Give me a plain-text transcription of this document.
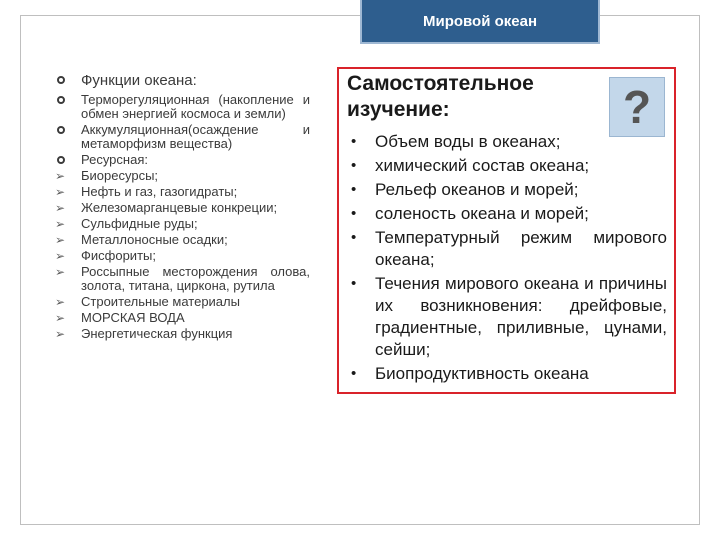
Мировой океан
Функции океана:
Терморегуляционная (накопление и обмен энергией космоса и земли)
Аккумуляционная(осаждение и метаморфизм вещества)
Ресурсная:
➢	Биоресурсы;
➢	Нефть и газ, газогидраты;
➢	Железомарганцевые конкреции;
➢	Сульфидные руды;
➢	Металлоносные осадки;
➢	Фисфориты;
➢	Россыпные месторождения олова, золота, титана, циркона, рутила
➢	Строительные материалы
➢	МОРСКАЯ ВОДА
➢	Энергетическая функция
Самостоятельное изучение:	?
• Объем воды в океанах;
• химический состав океана;
• Рельеф океанов и морей;
• соленость океана и морей;
• Температурный режим мирового океана;
• Течения мирового океана и причины их возникновения: дрейфовые, градиентные, приливные, цунами, сейши;
• Биопродуктивность океана
